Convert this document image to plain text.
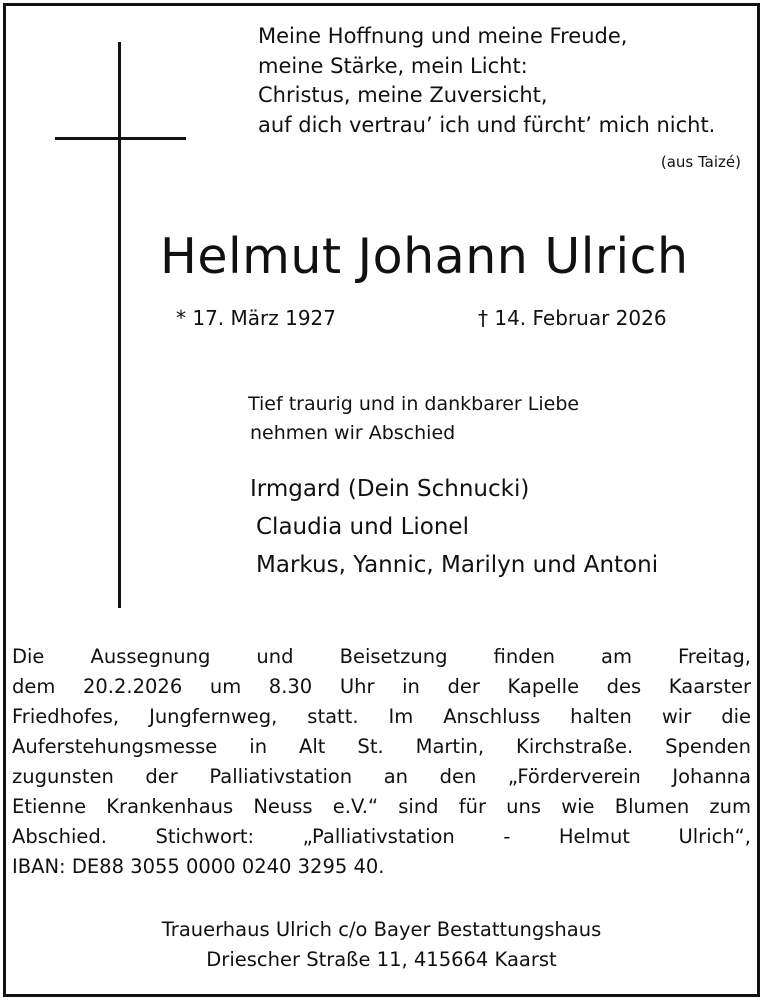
Meine Hoffnung und meine Freude,
meine Stärke, mein Licht:
Christus, meine Zuversicht,
auf dich vertrau’ ich und fürcht’ mich nicht.
(aus Taizé)
Helmut Johann Ulrich
* 17. März 1927	† 14. Februar 2026
Tief traurig und in dankbarer Liebe
nehmen wir Abschied
Irmgard (Dein Schnucki)
Claudia und Lionel
Markus, Yannic, Marilyn und Antoni
Die Aussegnung und Beisetzung finden am Freitag,
dem 20.2.2026 um 8.30 Uhr in der Kapelle des Kaarster
Friedhofes, Jungfernweg, statt. Im Anschluss halten wir die
Auferstehungsmesse in Alt St. Martin, Kirchstraße. Spenden
zugunsten der Palliativstation an den „Förderverein Johanna
Etienne Krankenhaus Neuss e.V.“ sind für uns wie Blumen zum
Abschied. Stichwort: „Palliativstation - Helmut Ulrich“,
IBAN: DE88 3055 0000 0240 3295 40.
Trauerhaus Ulrich c/o Bayer Bestattungshaus
Driescher Straße 11, 415664 Kaarst
